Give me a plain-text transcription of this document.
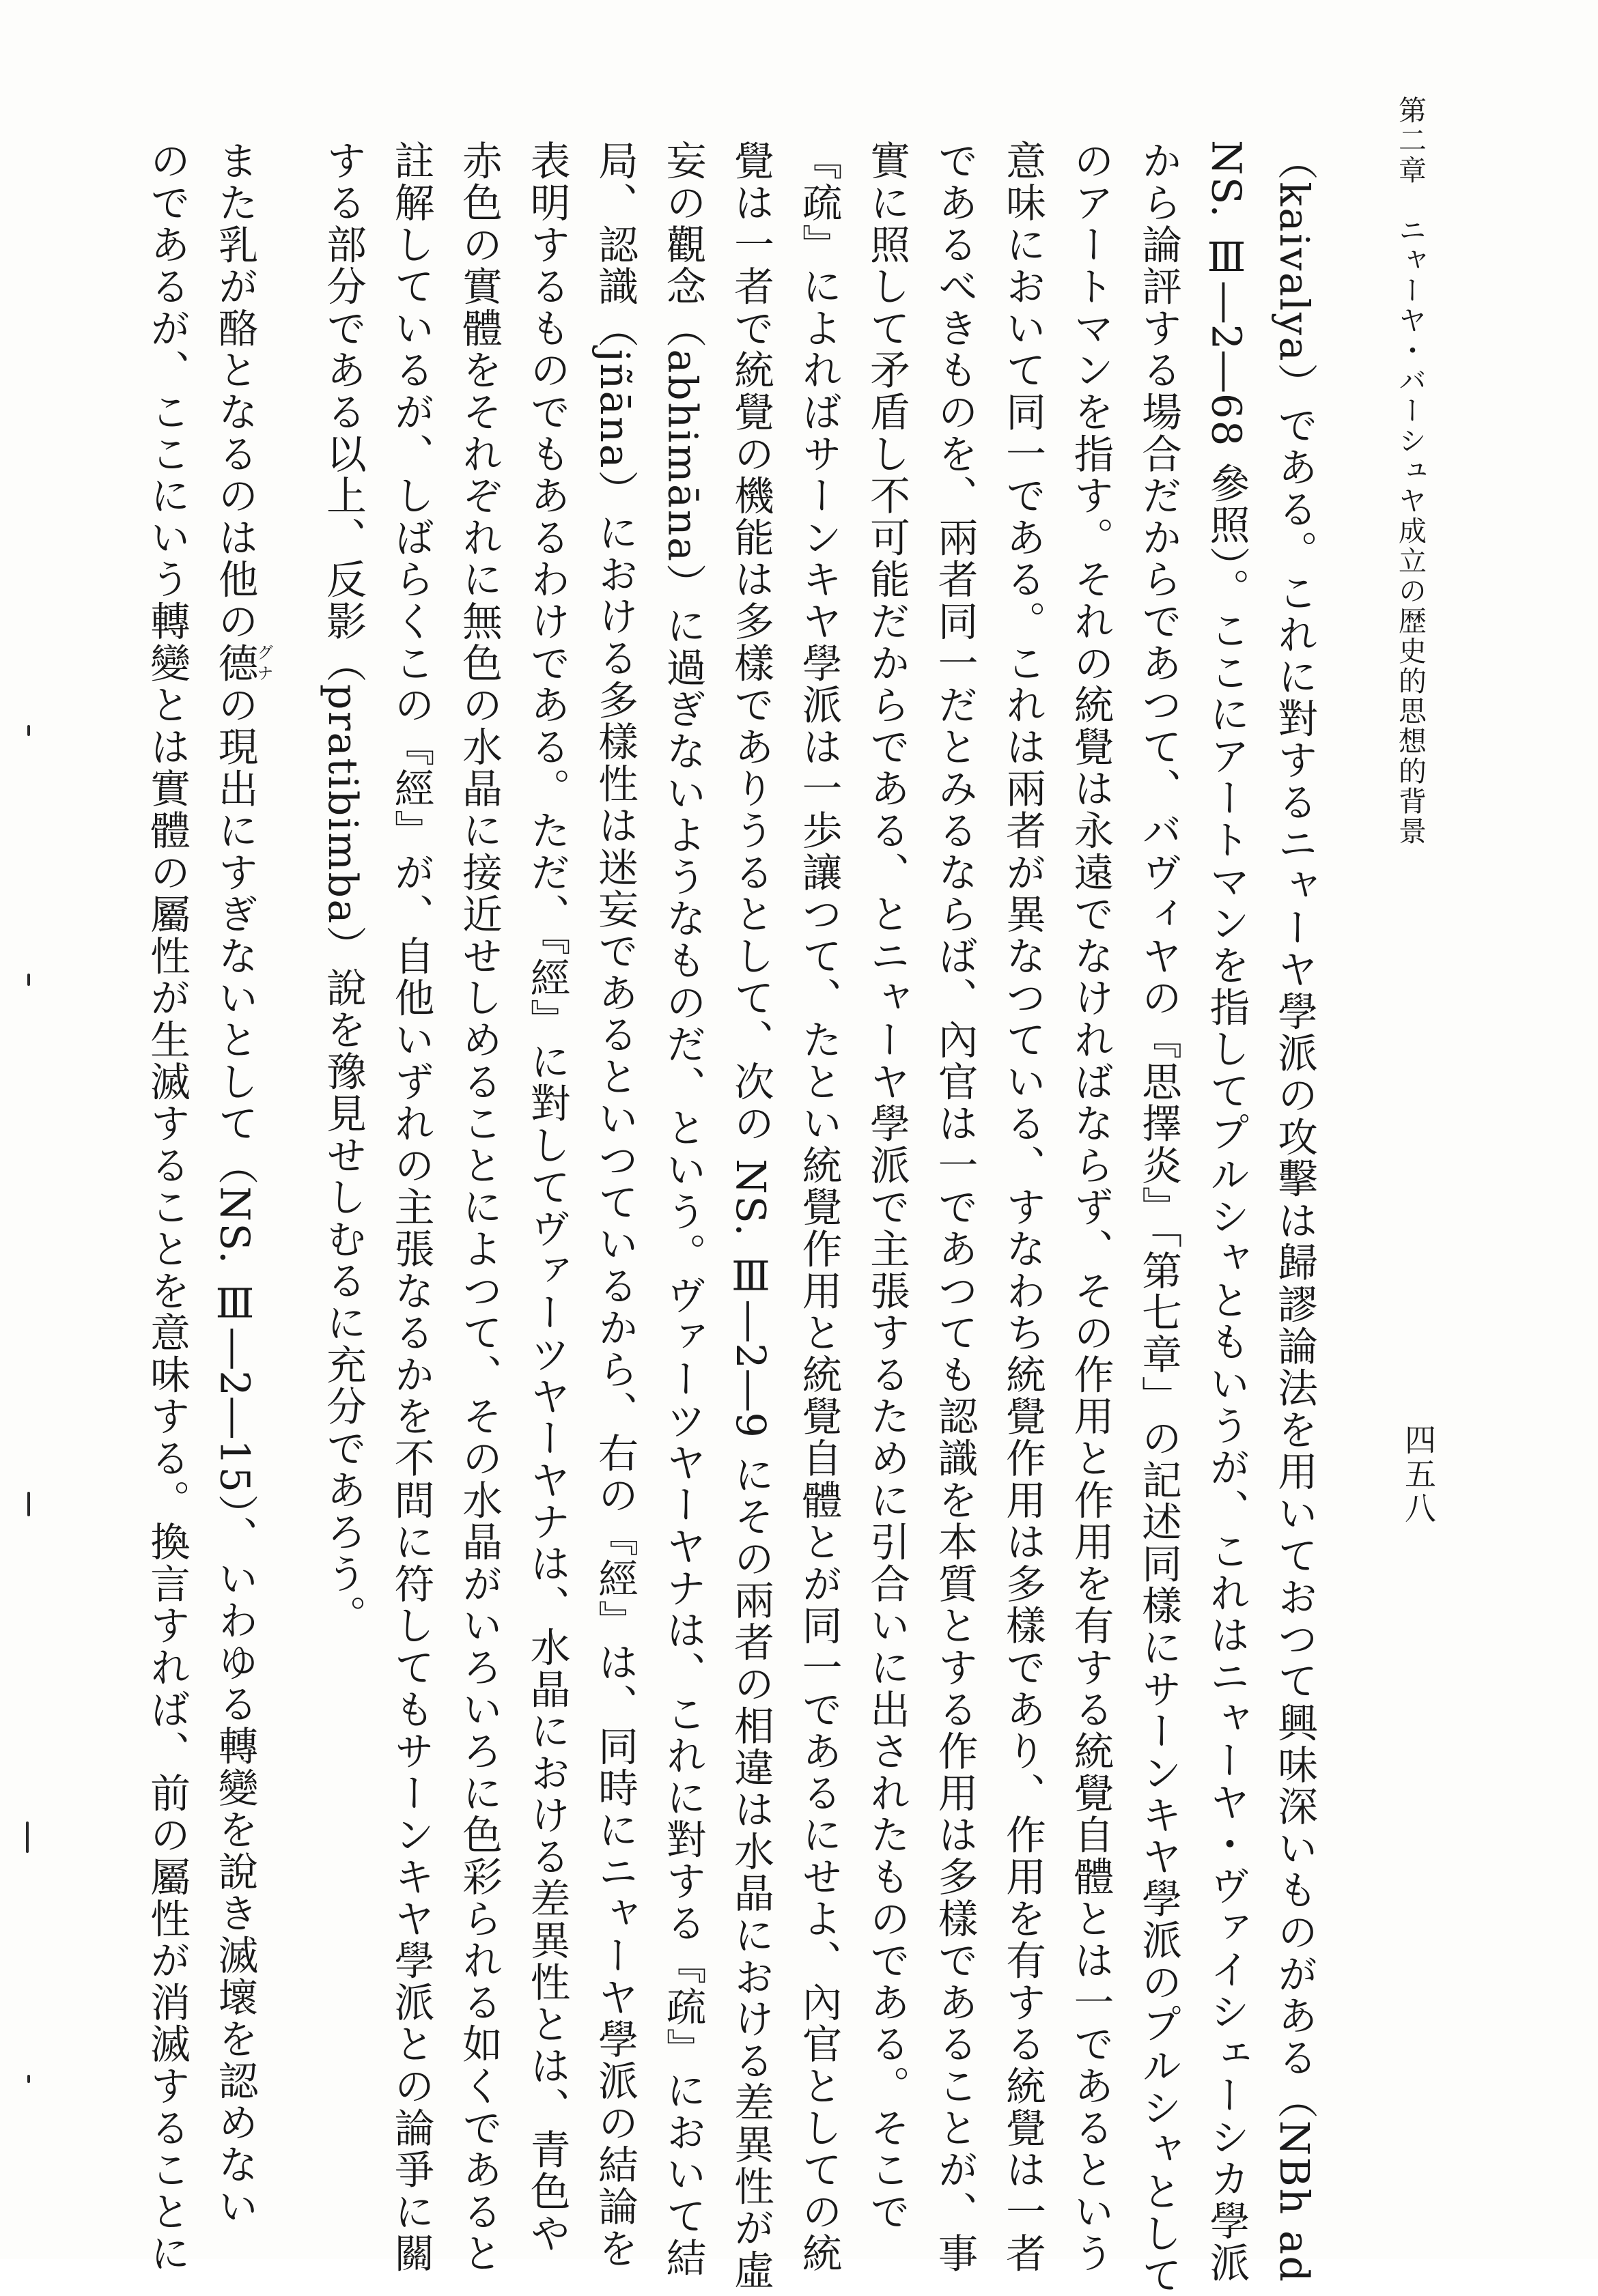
第二章　ニャーヤ・バーシュヤ成立の歴史的思想的背景
四五八
（kaivalya）である。これに對するニャーヤ學派の攻擊は歸謬論法を用いておつて興味深いものがある（NBh ad
NS. Ⅲ―2―68 參照）。ここにアートマンを指してプルシャともいうが、これはニャーヤ・ヴァイシェーシカ學派
から論評する場合だからであつて、バヴィヤの『思擇炎』「第七章」の記述同樣にサーンキヤ學派のプルシャとして
のアートマンを指す。それの統覺は永遠でなければならず、その作用と作用を有する統覺自體とは一であるという
意味において同一である。これは兩者が異なつている、すなわち統覺作用は多樣であり、作用を有する統覺は一者
であるべきものを、兩者同一だとみるならば、內官は一であつても認識を本質とする作用は多樣であることが、事
實に照して矛盾し不可能だからである、とニャーヤ學派で主張するために引合いに出されたものである。そこで
『疏』によればサーンキヤ學派は一歩讓つて、たとい統覺作用と統覺自體とが同一であるにせよ、內官としての統
覺は一者で統覺の機能は多樣でありうるとして、次の NS. Ⅲ―2―9 にその兩者の相違は水晶における差異性が虛
妄の觀念（abhimāna）に過ぎないようなものだ、という。ヴァーツヤーヤナは、これに對する『疏』において結
局、認識（jñāna）における多樣性は迷妄であるといつているから、右の『經』は、同時にニャーヤ學派の結論を
表明するものでもあるわけである。ただ、『經』に對してヴァーツヤーヤナは、水晶における差異性とは、青色や
赤色の實體をそれぞれに無色の水晶に接近せしめることによつて、その水晶がいろいろに色彩られる如くであると
註解しているが、しばらくこの『經』が、自他いずれの主張なるかを不問に符してもサーンキヤ學派との論爭に關
する部分である以上、反影（pratibimba）說を豫見せしむるに充分であろう。
また乳が酪となるのは他の德グナの現出にすぎないとして（NS. Ⅲ―2―15）、いわゆる轉變を說き滅壞を認めない
のであるが、ここにいう轉變とは實體の屬性が生滅することを意味する。換言すれば、前の屬性が消滅することに
